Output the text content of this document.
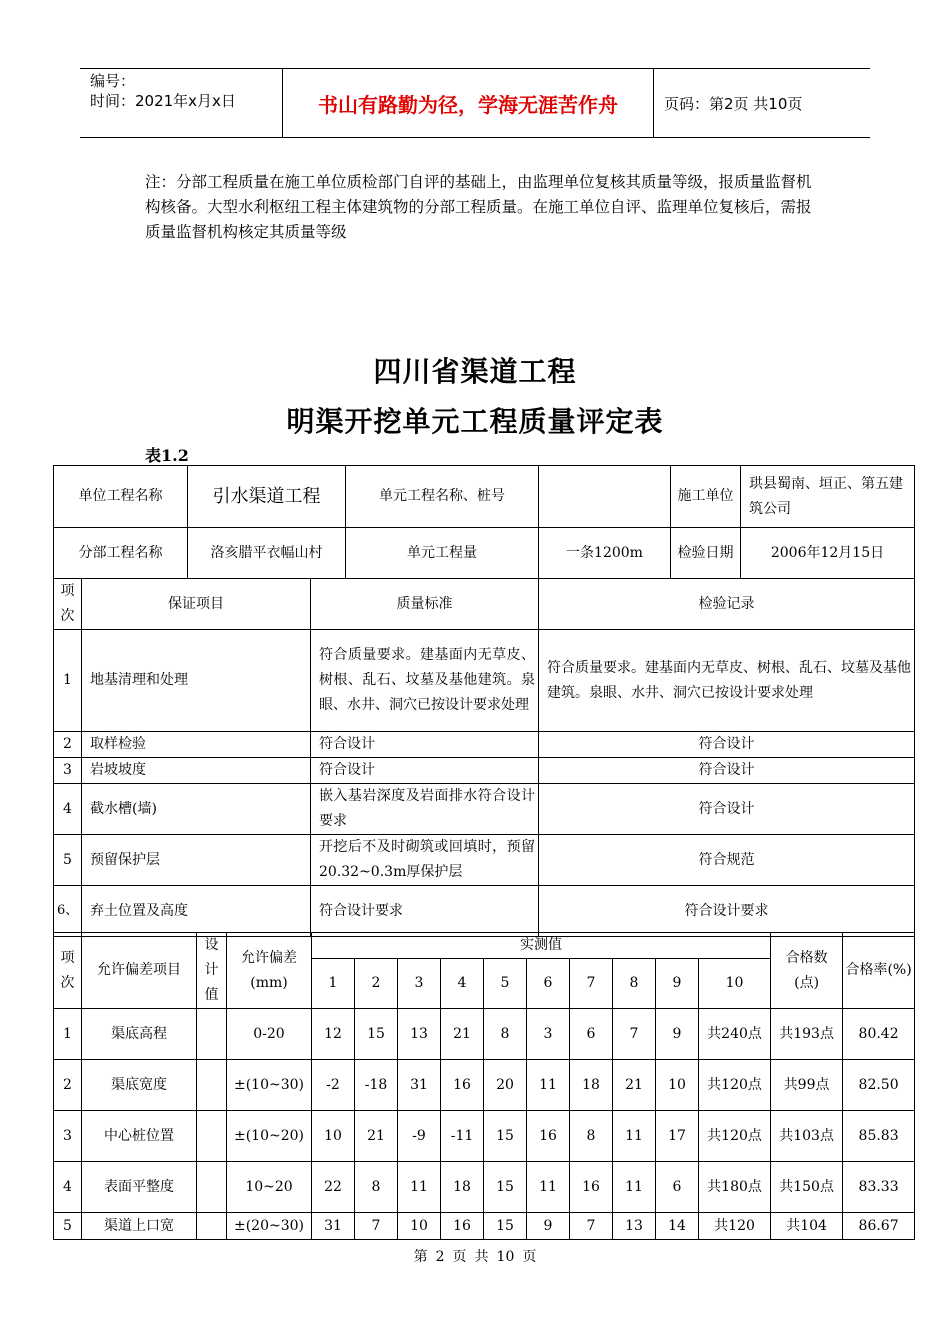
编号：
时间：2021年x月x日	书山有路勤为径，学海无涯苦作舟	页码：第2页 共10页
注：分部工程质量在施工单位质检部门自评的基础上，由监理单位复核其质量等级，报质量监督机构核备。大型水利枢纽工程主体建筑物的分部工程质量。在施工单位自评、监理单位复核后，需报质量监督机构核定其质量等级
四川省渠道工程
明渠开挖单元工程质量评定表
表1.2
单位工程名称	引水渠道工程	单元工程名称、桩号		施工单位	珙县蜀南、垣正、第五建筑公司
分部工程名称	洛亥腊平衣幅山村	单元工程量	一条1200m	检验日期	2006年12月15日
项次	保证项目	质量标准	检验记录
1	地基清理和处理	符合质量要求。建基面内无草皮、树根、乱石、坟墓及基他建筑。泉眼、水井、洞穴已按设计要求处理	符合质量要求。建基面内无草皮、树根、乱石、坟墓及基他建筑。泉眼、水井、洞穴已按设计要求处理
2	取样检验	符合设计	符合设计
3	岩坡坡度	符合设计	符合设计
4	截水槽(墙)	嵌入基岩深度及岩面排水符合设计要求	符合设计
5	预留保护层	开挖后不及时砌筑或回填时，预留20.32~0.3m厚保护层	符合规范
6、	弃土位置及高度	符合设计要求	符合设计要求
项次	允许偏差项目	设计值	允许偏差(mm)	实测值										合格数(点)	合格率(%)
				1	2	3	4	5	6	7	8	9	10		
1	渠底高程		0-20	12	15	13	21	8	3	6	7	9	共240点	共193点	80.42
2	渠底宽度		±(10~30)	-2	-18	31	16	20	11	18	21	10	共120点	共99点	82.50
3	中心桩位置		±(10~20)	10	21	-9	-11	15	16	8	11	17	共120点	共103点	85.83
4	表面平整度		10~20	22	8	11	18	15	11	16	11	6	共180点	共150点	83.33
5	渠道上口宽		±(20~30)	31	7	10	16	15	9	7	13	14	共120	共104	86.67
第 2 页 共 10 页
